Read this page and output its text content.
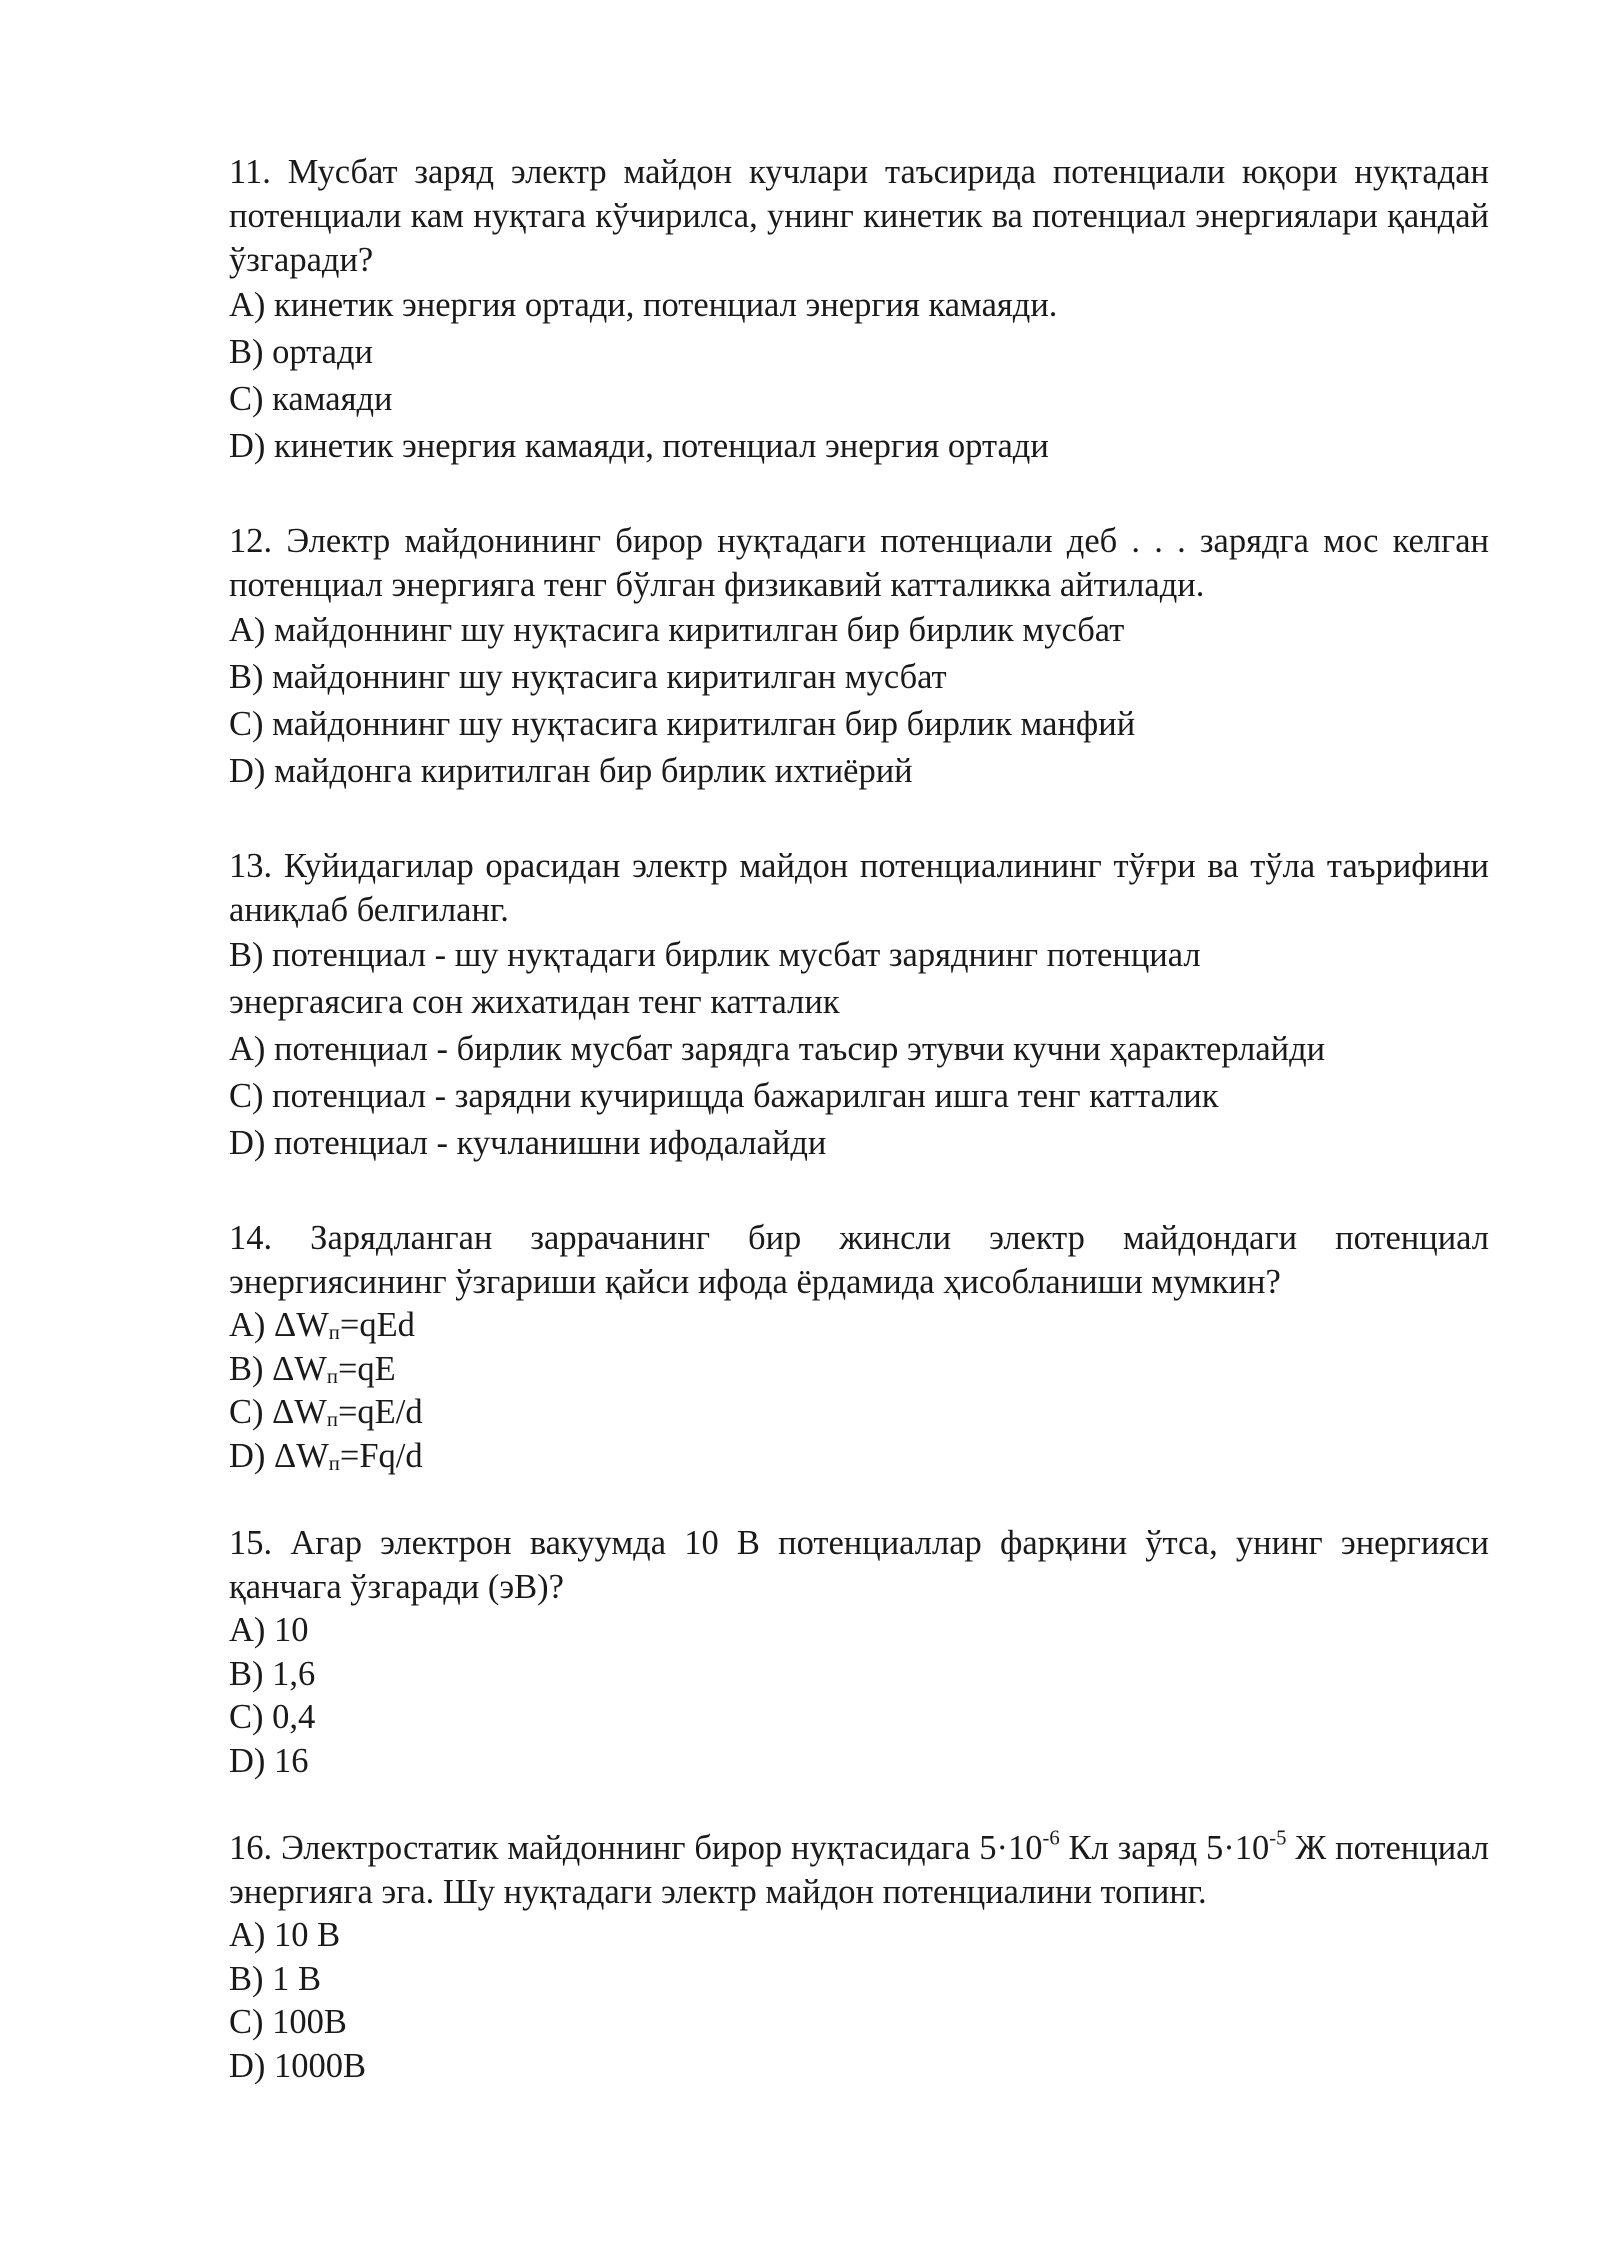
11. Мусбат заряд электр майдон кучлари таъсирида потенциали юқори нуқтадан потенциали кам нуқтага кўчирилса, унинг кинетик ва потенциал энергиялари қандай ўзгаради?

A) кинетик энергия ортади, потенциал энергия камаяди.

B) ортади

C) камаяди

D) кинетик энергия камаяди, потенциал энергия ортади

12. Электр майдонининг бирор нуқтадаги потенциали деб . . . зарядга мос келган потенциал энергияга тенг бўлган физикавий катталикка айтилади.

A) майдоннинг шу нуқтасига киритилган бир бирлик мусбат

B) майдоннинг шу нуқтасига киритилган мусбат

C) майдоннинг шу нуқтасига киритилган бир бирлик манфий

D) майдонга киритилган бир бирлик ихтиёрий

13. Куйидагилар орасидан электр майдон потенциалининг тўғри ва тўла таърифини аниқлаб белгиланг.

B) потенциал - шу нуқтадаги бирлик мусбат заряднинг потенциал

энергаясига сон жихатидан тенг катталик

A) потенциал - бирлик мусбат зарядга таъсир этувчи кучни ҳарактерлайди

C) потенциал - зарядни кучирищда бажарилган ишга тенг катталик

D) потенциал - кучланишни ифодалайди

14. Зарядланган заррачанинг бир жинсли электр майдондаги потенциал энергиясининг ўзгариши қайси ифода ёрдамида ҳисобланиши мумкин?

A) $\Delta W_п=qEd$

B) $\Delta W_п=qE$

C) $\Delta W_п=qE/d$

D) $\Delta W_п=Fq/d$

15. Агар электрон вакуумда 10 В потенциаллар фарқини ўтса, унинг энергияси қанчага ўзгаради (эВ)?

A) 10

B) 1,6

C) 0,4

D) 16

16. Электростатик майдоннинг бирор нуқтасидага $5\cdot 10^{-6}$ Кл заряд $5\cdot 10^{-5}$ Ж потенциал энергияга эга. Шу нуқтадаги электр майдон потенциалини топинг.

A) 10 В

B) 1 В

C) 100В

D) 1000В
